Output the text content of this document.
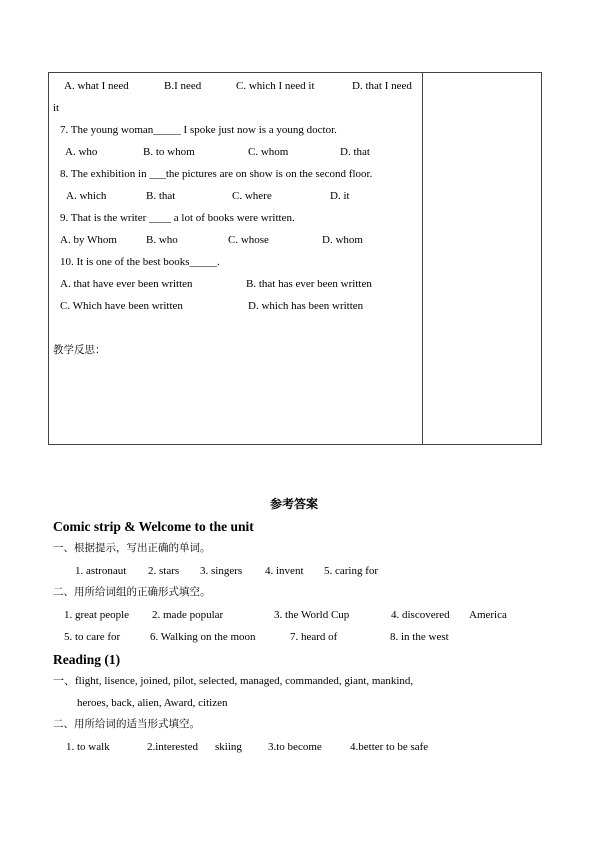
A. what I need	B.I need	C. which I need it	D. that I need
it
7. The young woman_____ I spoke just now is a young doctor.
A. who	B. to whom	C. whom	D. that
8. The exhibition in ___the pictures are on show is on the second floor.
A. which	B. that	C. where	D. it
9. That is the writer ____ a lot of books were written.
A. by Whom	B. who	C. whose	D. whom
10. It is one of the best books_____.
A. that have ever been written	B. that has ever been written
C. Which have been written	D. which has been written
教学反思：
参考答案
Comic strip & Welcome to the unit
一、根据提示，写出正确的单词。
1. astronaut 2. stars 3. singers 4. invent 5. caring for
二、用所给词组的正确形式填空。
1. great people 2. made popular	3. the World Cup	4. discovered America
5. to care for	6. Walking on the moon	7. heard of	8. in the west
Reading (1)
一、flight, lisence, joined, pilot, selected, managed, commanded, giant, mankind,
heroes, back, alien, Award, citizen
二、用所给词的适当形式填空。
1. to walk	2.interested skiing 3.to become	4.better to be safe
